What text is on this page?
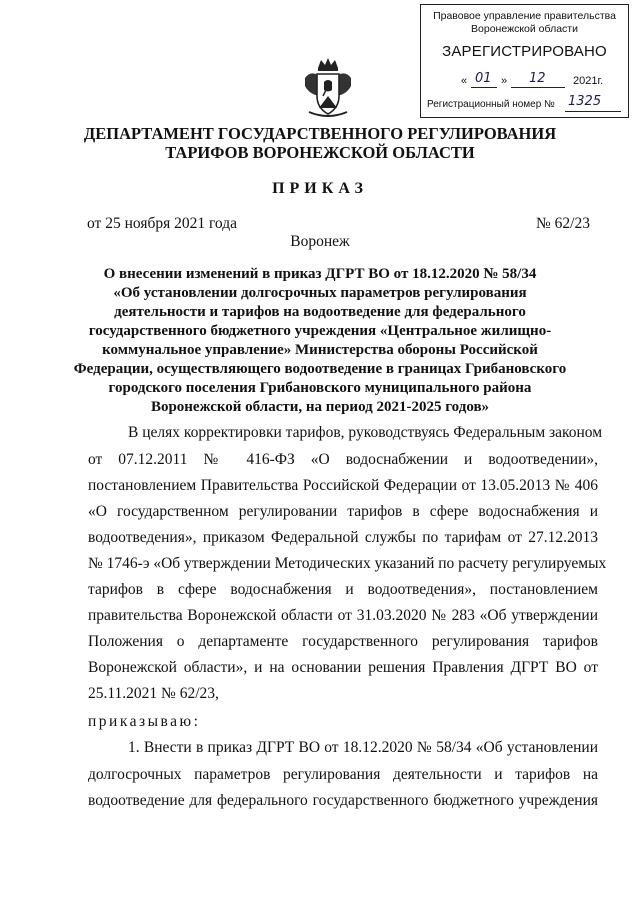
Правовое управление правительства
Воронежской области
ЗАРЕГИСТРИРОВАНО
« 01 » 12 2021г.
Регистрационный номер № 1325
ДЕПАРТАМЕНТ ГОСУДАРСТВЕННОГО РЕГУЛИРОВАНИЯ
ТАРИФОВ ВОРОНЕЖСКОЙ ОБЛАСТИ
ПРИКАЗ
от 25 ноября 2021 года	№ 62/23
Воронеж
О внесении изменений в приказ ДГРТ ВО от 18.12.2020 № 58/34
«Об установлении долгосрочных параметров регулирования
деятельности и тарифов на водоотведение для федерального
государственного бюджетного учреждения «Центральное жилищно-
коммунальное управление» Министерства обороны Российской
Федерации, осуществляющего водоотведение в границах Грибановского
городского поселения Грибановского муниципального района
Воронежской области, на период 2021-2025 годов»
В целях корректировки тарифов, руководствуясь Федеральным законом
от 07.12.2011 № 416-ФЗ «О водоснабжении и водоотведении»,
постановлением Правительства Российской Федерации от 13.05.2013 № 406
«О государственном регулировании тарифов в сфере водоснабжения и
водоотведения», приказом Федеральной службы по тарифам от 27.12.2013
№ 1746-э «Об утверждении Методических указаний по расчету регулируемых
тарифов в сфере водоснабжения и водоотведения», постановлением
правительства Воронежской области от 31.03.2020 № 283 «Об утверждении
Положения о департаменте государственного регулирования тарифов
Воронежской области», и на основании решения Правления ДГРТ ВО от
25.11.2021 № 62/23,
приказываю:
1. Внести в приказ ДГРТ ВО от 18.12.2020 № 58/34 «Об установлении
долгосрочных параметров регулирования деятельности и тарифов на
водоотведение для федерального государственного бюджетного учреждения
